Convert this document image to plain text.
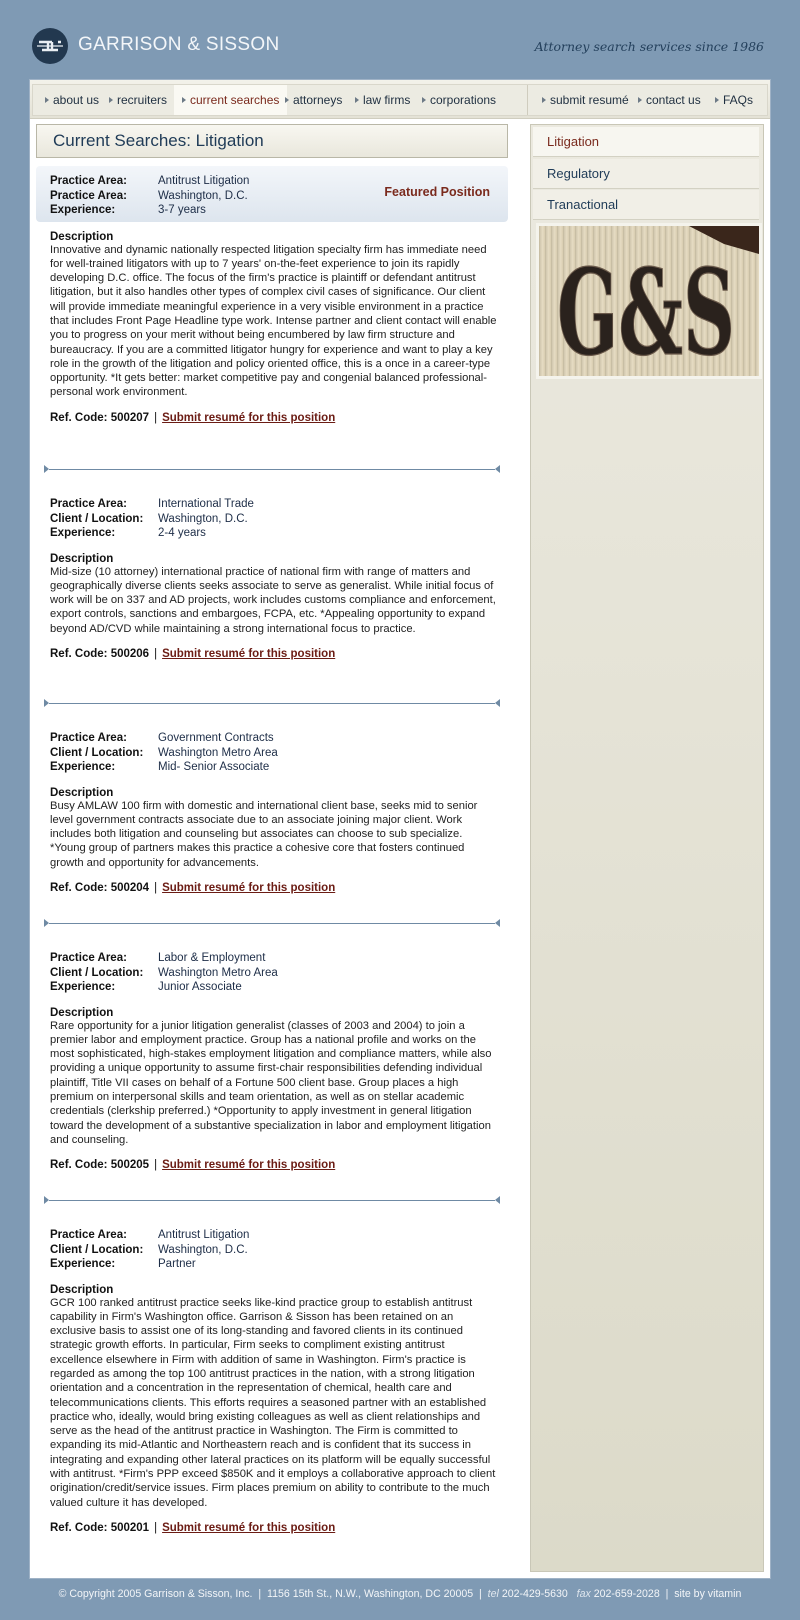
GARRISON & SISSON	Attorney search services since 1986
about us	recruiters	current searches	attorneys	law firms	corporations	submit resumé	contact us	FAQs
Current Searches: Litigation
Featured Position
Practice Area:	Antitrust Litigation
Practice Area:	Washington, D.C.
Experience:	3-7 years
Description

Innovative and dynamic nationally respected litigation specialty firm has immediate need for well-trained litigators with up to 7 years' on-the-feet experience to join its rapidly developing D.C. office. The focus of the firm's practice is plaintiff or defendant antitrust litigation, but it also handles other types of complex civil cases of significance. Our client will provide immediate meaningful experience in a very visible environment in a practice that includes Front Page Headline type work. Intense partner and client contact will enable you to progress on your merit without being encumbered by law firm structure and bureaucracy. If you are a committed litigator hungry for experience and want to play a key role in the growth of the litigation and policy oriented office, this is a once in a career-type opportunity. *It gets better: market competitive pay and congenial balanced professional-personal work environment.

Ref. Code: 500207 | Submit resumé for this position
Practice Area:	International Trade
Client / Location: Washington, D.C.
Experience:	2-4 years
Description

Mid-size (10 attorney) international practice of national firm with range of matters and geographically diverse clients seeks associate to serve as generalist. While initial focus of work will be on 337 and AD projects, work includes customs compliance and enforcement, export controls, sanctions and embargoes, FCPA, etc. *Appealing opportunity to expand beyond AD/CVD while maintaining a strong international focus to practice.

Ref. Code: 500206 | Submit resumé for this position
Practice Area:	Government Contracts
Client / Location: Washington Metro Area
Experience:	Mid- Senior Associate
Description

Busy AMLAW 100 firm with domestic and international client base, seeks mid to senior level government contracts associate due to an associate joining major client. Work includes both litigation and counseling but associates can choose to sub specialize. *Young group of partners makes this practice a cohesive core that fosters continued growth and opportunity for advancements.

Ref. Code: 500204 | Submit resumé for this position
Practice Area:	Labor & Employment
Client / Location: Washington Metro Area
Experience:	Junior Associate
Description

Rare opportunity for a junior litigation generalist (classes of 2003 and 2004) to join a premier labor and employment practice. Group has a national profile and works on the most sophisticated, high-stakes employment litigation and compliance matters, while also providing a unique opportunity to assume first-chair responsibilities defending individual plaintiff, Title VII cases on behalf of a Fortune 500 client base. Group places a high premium on interpersonal skills and team orientation, as well as on stellar academic credentials (clerkship preferred.) *Opportunity to apply investment in general litigation toward the development of a substantive specialization in labor and employment litigation and counseling.

Ref. Code: 500205 | Submit resumé for this position
Practice Area:	Antitrust Litigation
Client / Location: Washington, D.C.
Experience:	Partner
Description

GCR 100 ranked antitrust practice seeks like-kind practice group to establish antitrust capability in Firm's Washington office. Garrison & Sisson has been retained on an exclusive basis to assist one of its long-standing and favored clients in its continued strategic growth efforts. In particular, Firm seeks to compliment existing antitrust excellence elsewhere in Firm with addition of same in Washington. Firm's practice is regarded as among the top 100 antitrust practices in the nation, with a strong litigation orientation and a concentration in the representation of chemical, health care and telecommunications clients. This efforts requires a seasoned partner with an established practice who, ideally, would bring existing colleagues as well as client relationships and serve as the head of the antitrust practice in Washington. The Firm is committed to expanding its mid-Atlantic and Northeastern reach and is confident that its success in integrating and expanding other lateral practices on its platform will be equally successful with antitrust. *Firm's PPP exceed $850K and it employs a collaborative approach to client origination/credit/service issues. Firm places premium on ability to contribute to the much valued culture it has developed.

Ref. Code: 500201 | Submit resumé for this position
Litigation
Regulatory
Tranactional
G&S
© Copyright 2005 Garrison & Sisson, Inc.  |  1156 15th St., N.W., Washington, DC 20005  |  tel 202-429-5630 fax 202-659-2028  |  site by vitamin
